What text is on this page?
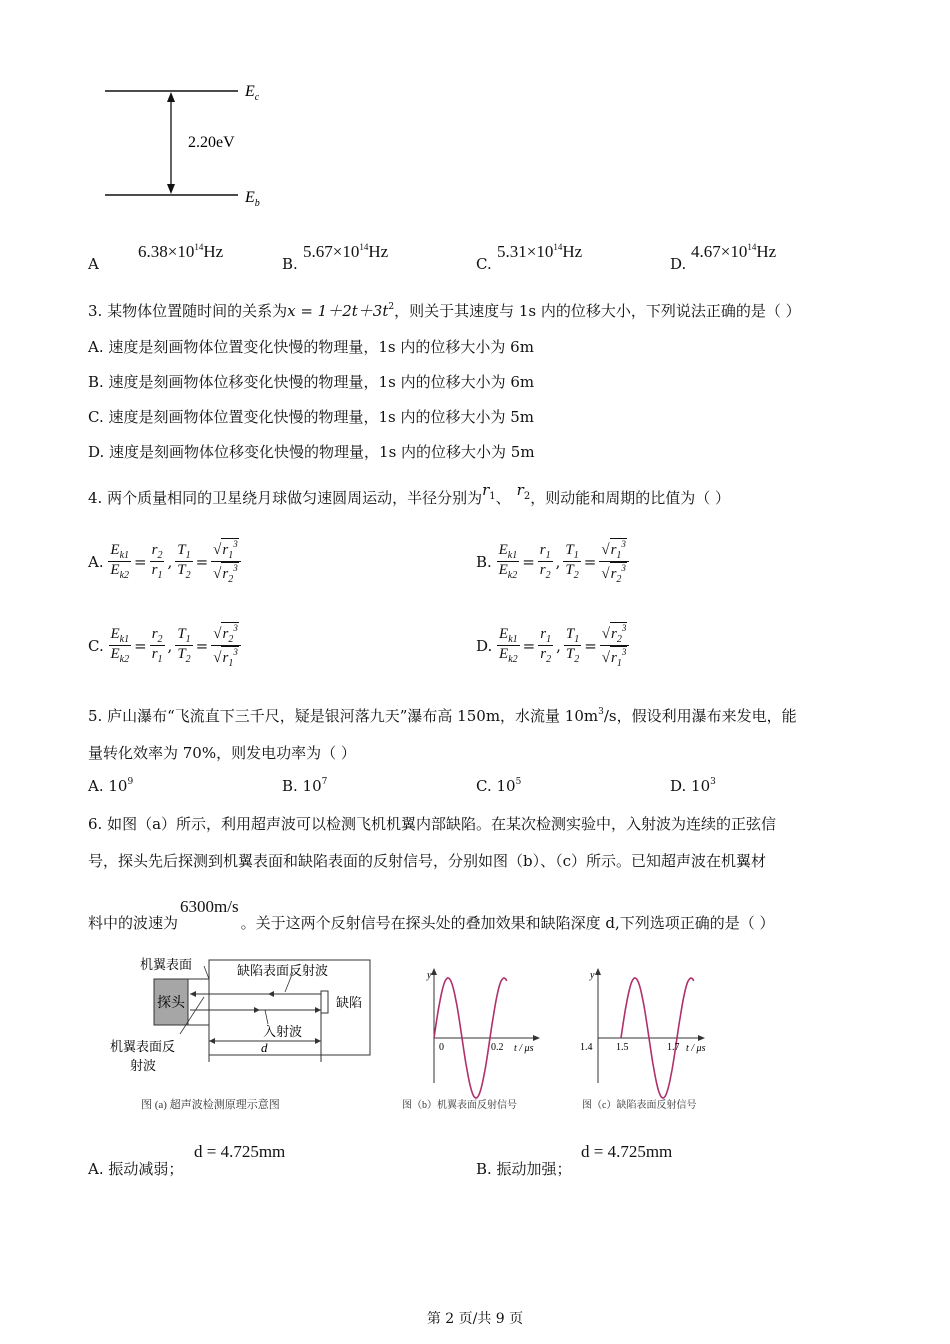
2.20eV
$E_c$
$E_b$
A
$6.38\times 10^{14}Hz$
B.
$5.67\times 10^{14}Hz$
C.
$5.31\times 10^{14}Hz$
D.
$4.67\times 10^{14}Hz$
3. 某物体位置随时间的关系为$x = 1+2t+3t^2$，则关于其速度与 1s 内的位移大小，下列说法正确的是（ ）
A. 速度是刻画物体位置变化快慢的物理量，1s 内的位移大小为 6m
B. 速度是刻画物体位移变化快慢的物理量，1s 内的位移大小为 6m
C. 速度是刻画物体位置变化快慢的物理量，1s 内的位移大小为 5m
D. 速度是刻画物体位移变化快慢的物理量，1s 内的位移大小为 5m
4. 两个质量相同的卫星绕月球做匀速圆周运动，半径分别为$r^1$、 $r^2$，则动能和周期的比值为（ ）
A. $\frac{E_{k1}}{E_{k2}} = \frac{r_2}{r_1}$ , $\frac{T_1}{T_2} = \frac{√r_1^3}{√r_2^3}$	B. $\frac{E_{k1}}{E_{k2}} = \frac{r_1}{r_2}$ , $\frac{T_1}{T_2} = \frac{√r_1^3}{√r_2^3}$
C. $\frac{E_{k1}}{E_{k2}} = \frac{r_2}{r_1}$ , $\frac{T_1}{T_2} = \frac{√r_2^3}{√r_1^3}$	D. $\frac{E_{k1}}{E_{k2}} = \frac{r_1}{r_2}$ , $\frac{T_1}{T_2} = \frac{√r_2^3}{√r_1^3}$
5. 庐山瀑布“飞流直下三千尺，疑是银河落九天”瀑布高 150m，水流量 $10m^3/s$，假设利用瀑布来发电，能
量转化效率为 70%，则发电功率为（ ）
A. $10^9$	B. $10^7$	C. $10^5$	D. $10^3$
6. 如图（a）所示，利用超声波可以检测飞机机翼内部缺陷。在某次检测实验中，入射波为连续的正弦信
号，探头先后探测到机翼表面和缺陷表面的反射信号，分别如图（b）、（c）所示。已知超声波在机翼材
料中的波速为6300m/s。关于这两个反射信号在探头处的叠加效果和缺陷深度 d,下列选项正确的是（ ）
机翼表面	缺陷表面反射波
探头	缺陷
入射波
机翼表面反
射波
d
图 (a) 超声波检测原理示意图
y
0	0.2 t / μs
图（b）机翼表面反射信号
y
1.4 1.5	1.7 t / μs
图（c）缺陷表面反射信号
A. 振动减弱；
d = 4.725mm
B. 振动加强；
d = 4.725mm
第 2 页/共 9 页
